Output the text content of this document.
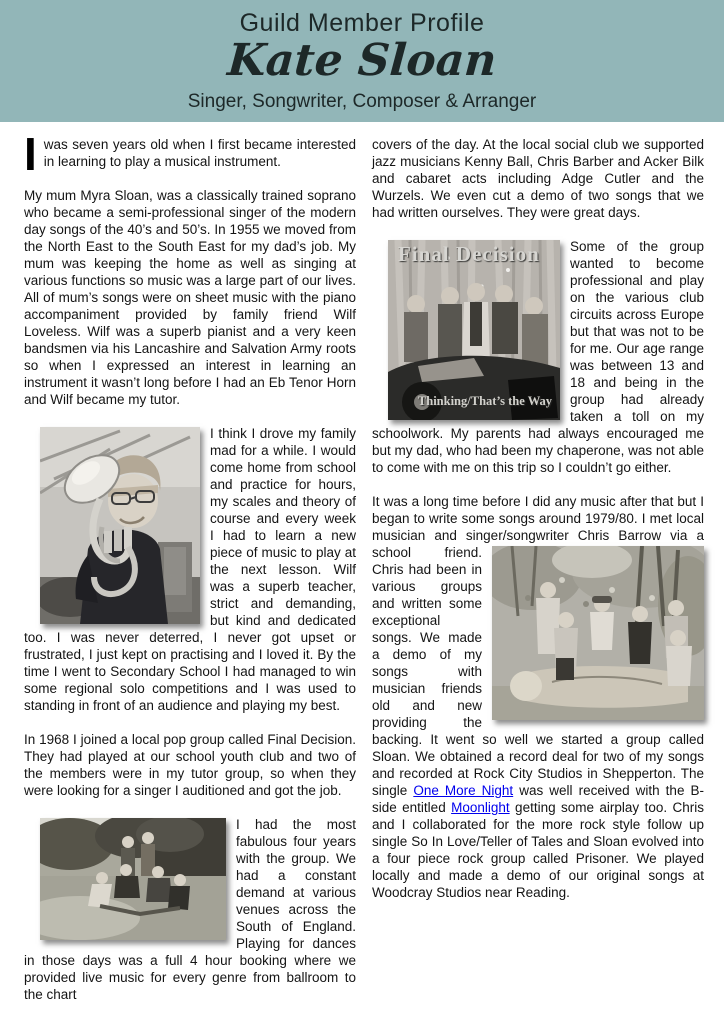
Guild Member Profile
Kate Sloan
Singer, Songwriter, Composer & Arranger

I was seven years old when I first became interested in learning to play a musical instrument.

My mum Myra Sloan, was a classically trained soprano who became a semi-professional singer of the modern day songs of the 40’s and 50’s. In 1955 we moved from the North East to the South East for my dad’s job. My mum was keeping the home as well as singing at various functions so music was a large part of our lives. All of mum’s songs were on sheet music with the piano accompaniment provided by family friend Wilf Loveless. Wilf was a superb pianist and a very keen bandsmen via his Lancashire and Salvation Army roots so when I expressed an interest in learning an instrument it wasn’t long before I had an Eb Tenor Horn and Wilf became my tutor.

I think I drove my family mad for a while. I would come home from school and practice for hours, my scales and theory of course and every week I had to learn a new piece of music to play at the next lesson. Wilf was a superb teacher, strict and demanding, but kind and dedicated too. I was never deterred, I never got upset or frustrated, I just kept on practising and I loved it. By the time I went to Secondary School I had managed to win some regional solo competitions and I was used to standing in front of an audience and playing my best.

In 1968 I joined a local pop group called Final Decision. They had played at our school youth club and two of the members were in my tutor group, so when they were looking for a singer I auditioned and got the job.

I had the most fabulous four years with the group. We had a constant demand at various venues across the South of England. Playing for dances in those days was a full 4 hour booking where we provided live music for every genre from ballroom to the chart

covers of the day. At the local social club we supported jazz musicians Kenny Ball, Chris Barber and Acker Bilk and cabaret acts including Adge Cutler and the Wurzels. We even cut a demo of two songs that we had written ourselves. They were great days.

Final Decision
Thinking/That’s the Way
Some of the group wanted to become professional and play on the various club circuits across Europe but that was not to be for me. Our age range was between 13 and 18 and being in the group had already taken a toll on my schoolwork. My parents had always encouraged me but my dad, who had been my chaperone, was not able to come with me on this trip so I couldn’t go either.

It was a long time before I did any music after that but I began to write some songs around 1979/80. I met local musician and singer/songwriter Chris
Barrow via a school friend. Chris had been in various groups and written some exceptional songs. We made a demo of my songs with musician friends old and new providing the backing. It went so well we started a group called Sloan. We obtained a record deal for two of my songs and recorded at Rock City Studios in Shepperton. The single One More Night was well received with the B-side entitled Moonlight getting some airplay too. Chris and I collaborated for the more rock style follow up single So In Love/Teller of Tales and Sloan evolved into a four piece rock group called Prisoner. We played locally and made a demo of our original songs at Woodcray Studios near Reading.
